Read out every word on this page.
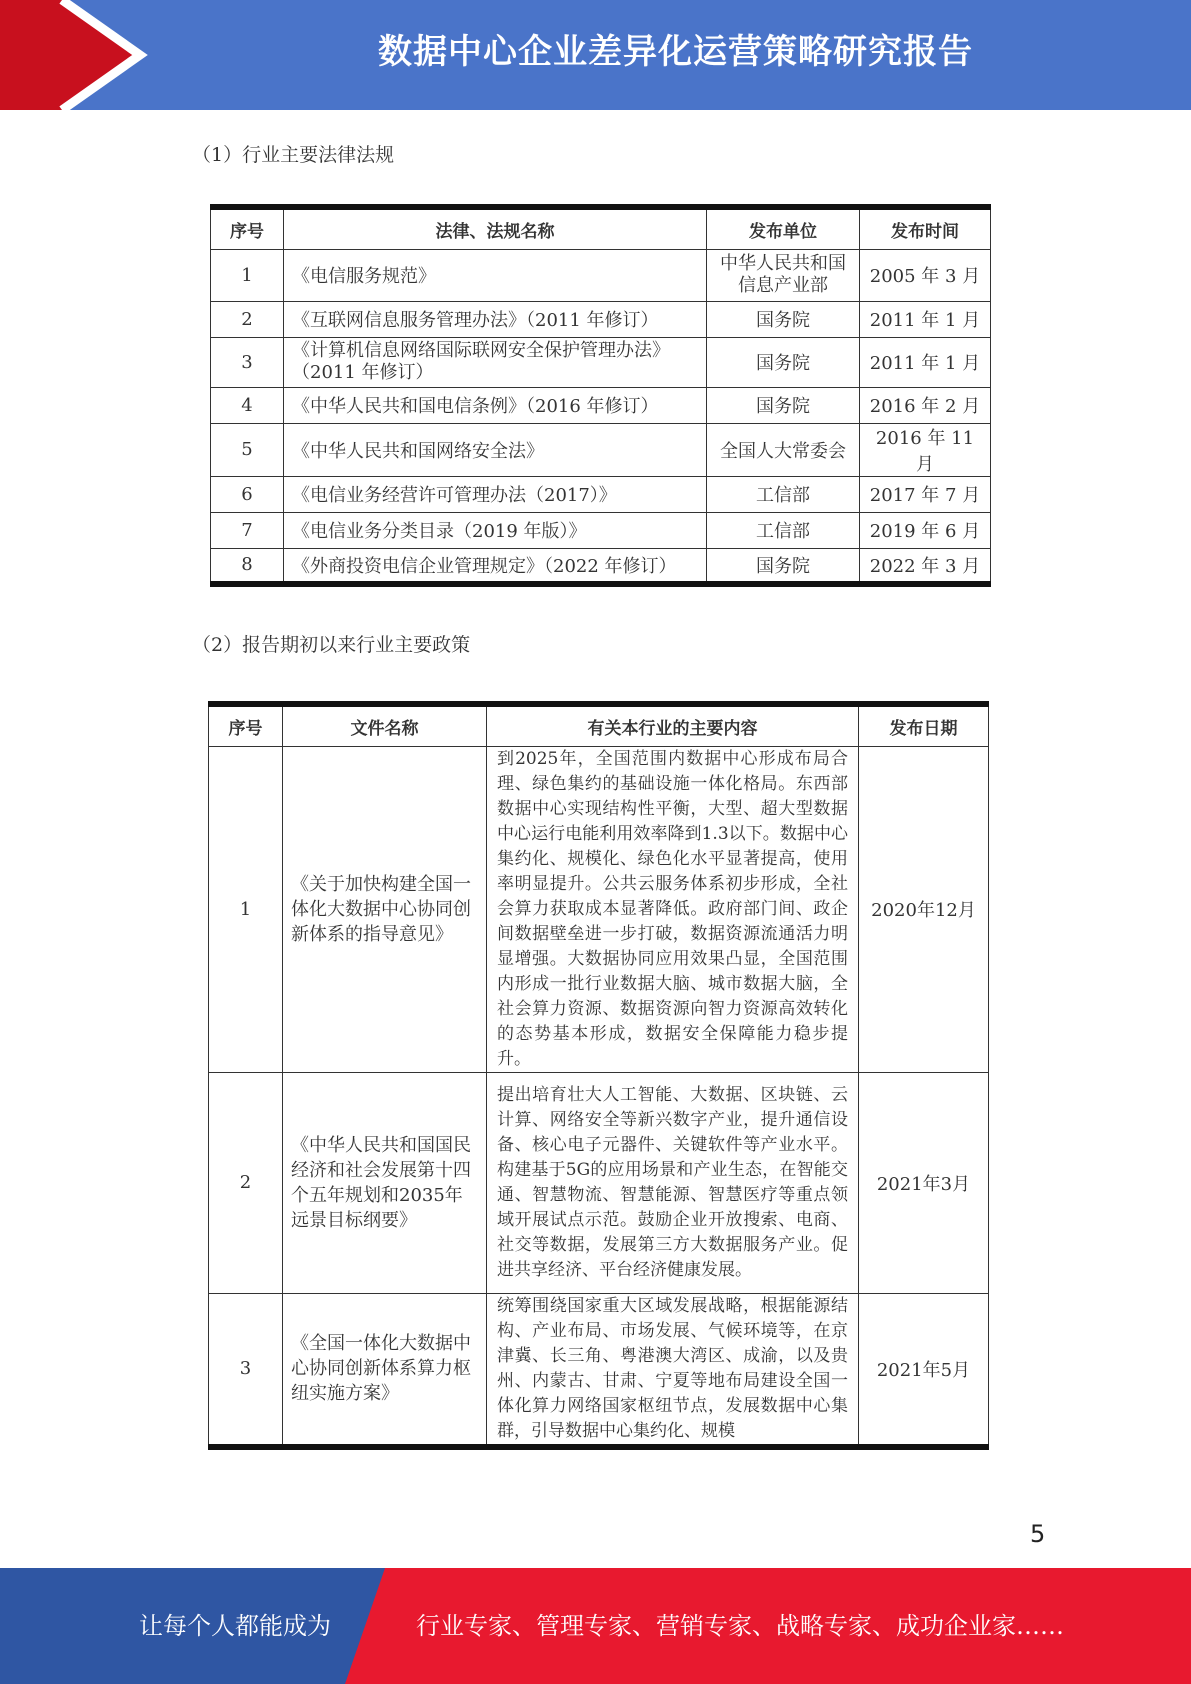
数据中心企业差异化运营策略研究报告
（1）行业主要法律法规
序号	法律、法规名称	发布单位	发布时间
1	《电信服务规范》	中华人民共和国信息产业部	2005 年 3 月
2	《互联网信息服务管理办法》（2011 年修订）	国务院	2011 年 1 月
3	《计算机信息网络国际联网安全保护管理办法》（2011 年修订）	国务院	2011 年 1 月
4	《中华人民共和国电信条例》（2016 年修订）	国务院	2016 年 2 月
5	《中华人民共和国网络安全法》	全国人大常委会	2016 年 11 月
6	《电信业务经营许可管理办法（2017）》	工信部	2017 年 7 月
7	《电信业务分类目录（2019 年版）》	工信部	2019 年 6 月
8	《外商投资电信企业管理规定》（2022 年修订）	国务院	2022 年 3 月
（2）报告期初以来行业主要政策
序号	文件名称	有关本行业的主要内容	发布日期
1	《关于加快构建全国一体化大数据中心协同创新体系的指导意见》	到2025年，全国范围内数据中心形成布局合理、绿色集约的基础设施一体化格局。东西部数据中心实现结构性平衡，大型、超大型数据中心运行电能利用效率降到1.3以下。数据中心集约化、规模化、绿色化水平显著提高，使用率明显提升。公共云服务体系初步形成，全社会算力获取成本显著降低。政府部门间、政企间数据壁垒进一步打破，数据资源流通活力明显增强。大数据协同应用效果凸显，全国范围内形成一批行业数据大脑、城市数据大脑，全社会算力资源、数据资源向智力资源高效转化的态势基本形成，数据安全保障能力稳步提升。	2020年12月
2	《中华人民共和国国民经济和社会发展第十四个五年规划和2035年远景目标纲要》	提出培育壮大人工智能、大数据、区块链、云计算、网络安全等新兴数字产业，提升通信设备、核心电子元器件、关键软件等产业水平。构建基于5G的应用场景和产业生态，在智能交通、智慧物流、智慧能源、智慧医疗等重点领域开展试点示范。鼓励企业开放搜索、电商、社交等数据，发展第三方大数据服务产业。促进共享经济、平台经济健康发展。	2021年3月
3	《全国一体化大数据中心协同创新体系算力枢纽实施方案》	统筹围绕国家重大区域发展战略，根据能源结构、产业布局、市场发展、气候环境等，在京津冀、长三角、粤港澳大湾区、成渝，以及贵州、内蒙古、甘肃、宁夏等地布局建设全国一体化算力网络国家枢纽节点，发展数据中心集群，引导数据中心集约化、规模	2021年5月
5
让每个人都能成为	行业专家、管理专家、营销专家、战略专家、成功企业家……
